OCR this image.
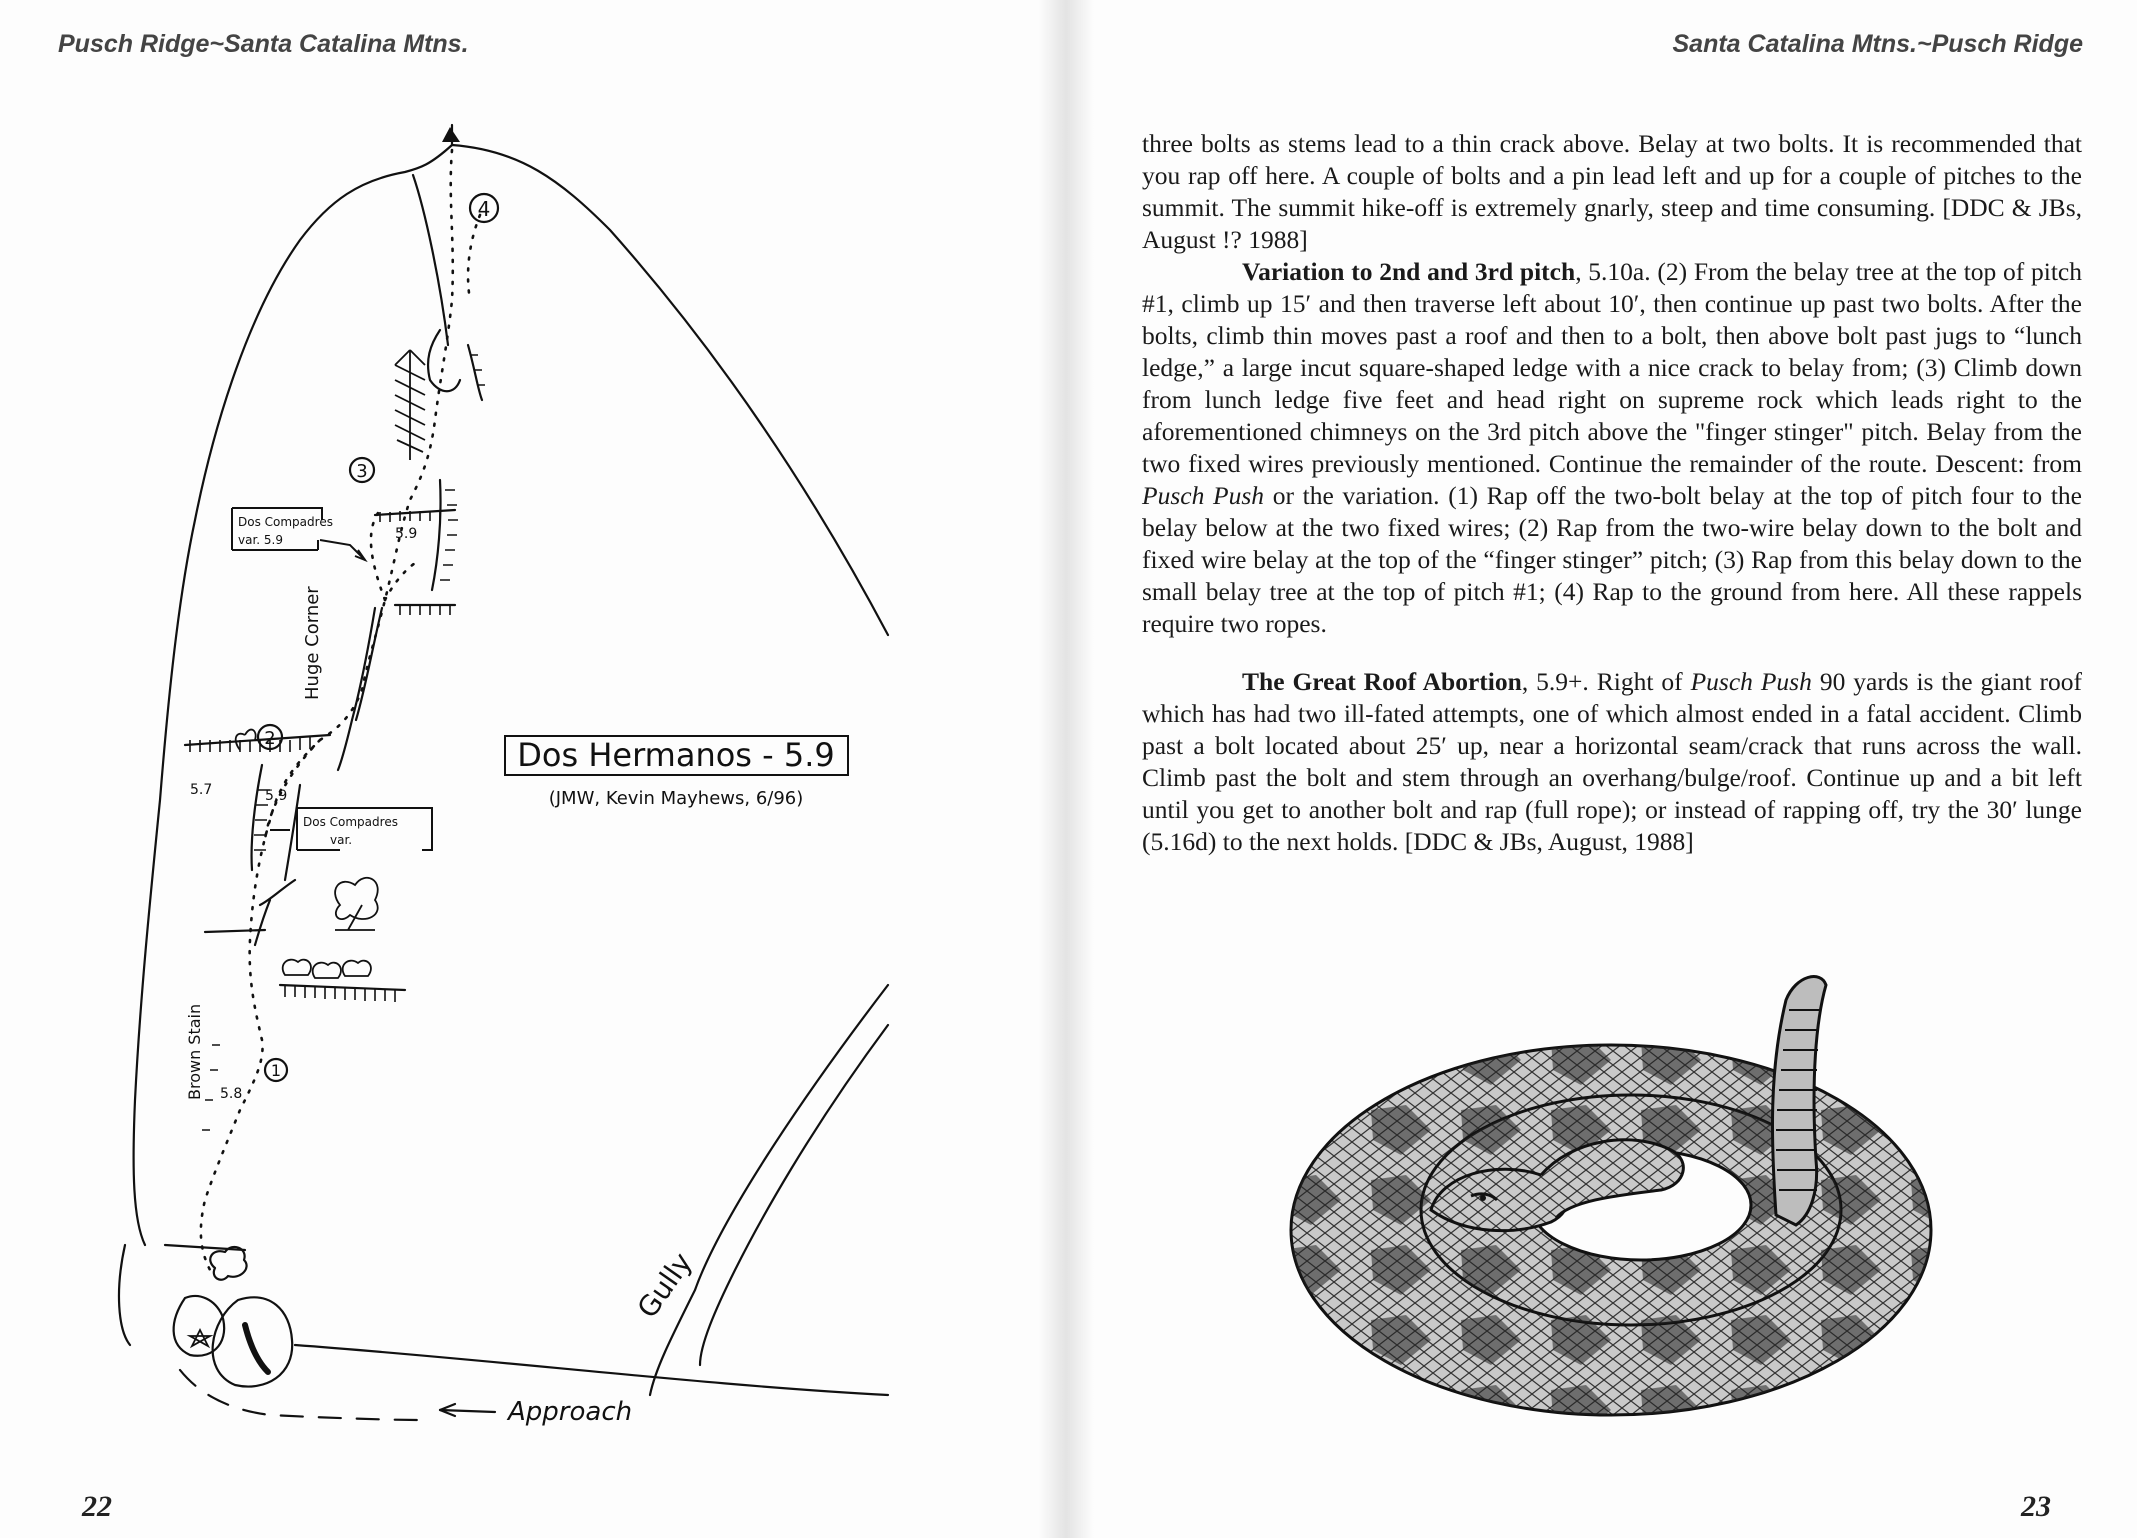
Pusch Ridge~Santa Catalina Mtns.
4
3
2
1
Dos Hermanos - 5.9
(JMW, Kevin Mayhews, 6/96)
Dos Compadres
var. 5.9
Dos Compadres
var.
5.9
5.7	5.9
5.8
Huge Corner
Brown Stain
Gully
Approach
22
Santa Catalina Mtns.~Pusch Ridge

three bolts as stems lead to a thin crack above. Belay at two bolts. It is recommended that you rap off here. A couple of bolts and a pin lead left and up for a couple of pitches to the summit. The summit hike-off is extremely gnarly, steep and time consuming. [DDC & JBs, August !? 1988]

Variation to 2nd and 3rd pitch, 5.10a. (2) From the belay tree at the top of pitch #1, climb up 15′ and then traverse left about 10′, then continue up past two bolts. After the bolts, climb thin moves past a roof and then to a bolt, then above bolt past jugs to “lunch ledge,” a large incut square-shaped ledge with a nice crack to belay from; (3) Climb down from lunch ledge five feet and head right on supreme rock which leads right to the aforementioned chimneys on the 3rd pitch above the "finger stinger" pitch. Belay from the two fixed wires previously mentioned. Continue the remainder of the route. Descent: from Pusch Push or the variation. (1) Rap off the two-bolt belay at the top of pitch four to the belay below at the two fixed wires; (2) Rap from the two-wire belay down to the bolt and fixed wire belay at the top of the “finger stinger” pitch; (3) Rap from this belay down to the small belay tree at the top of pitch #1; (4) Rap to the ground from here. All these rappels require two ropes.

The Great Roof Abortion, 5.9+. Right of Pusch Push 90 yards is the giant roof which has had two ill-fated attempts, one of which almost ended in a fatal accident. Climb past a bolt located about 25′ up, near a horizontal seam/crack that runs across the wall. Climb past the bolt and stem through an overhang/bulge/roof. Continue up and a bit left until you get to another bolt and rap (full rope); or instead of rapping off, try the 30′ lunge (5.16d) to the next holds. [DDC & JBs, August, 1988]

23
